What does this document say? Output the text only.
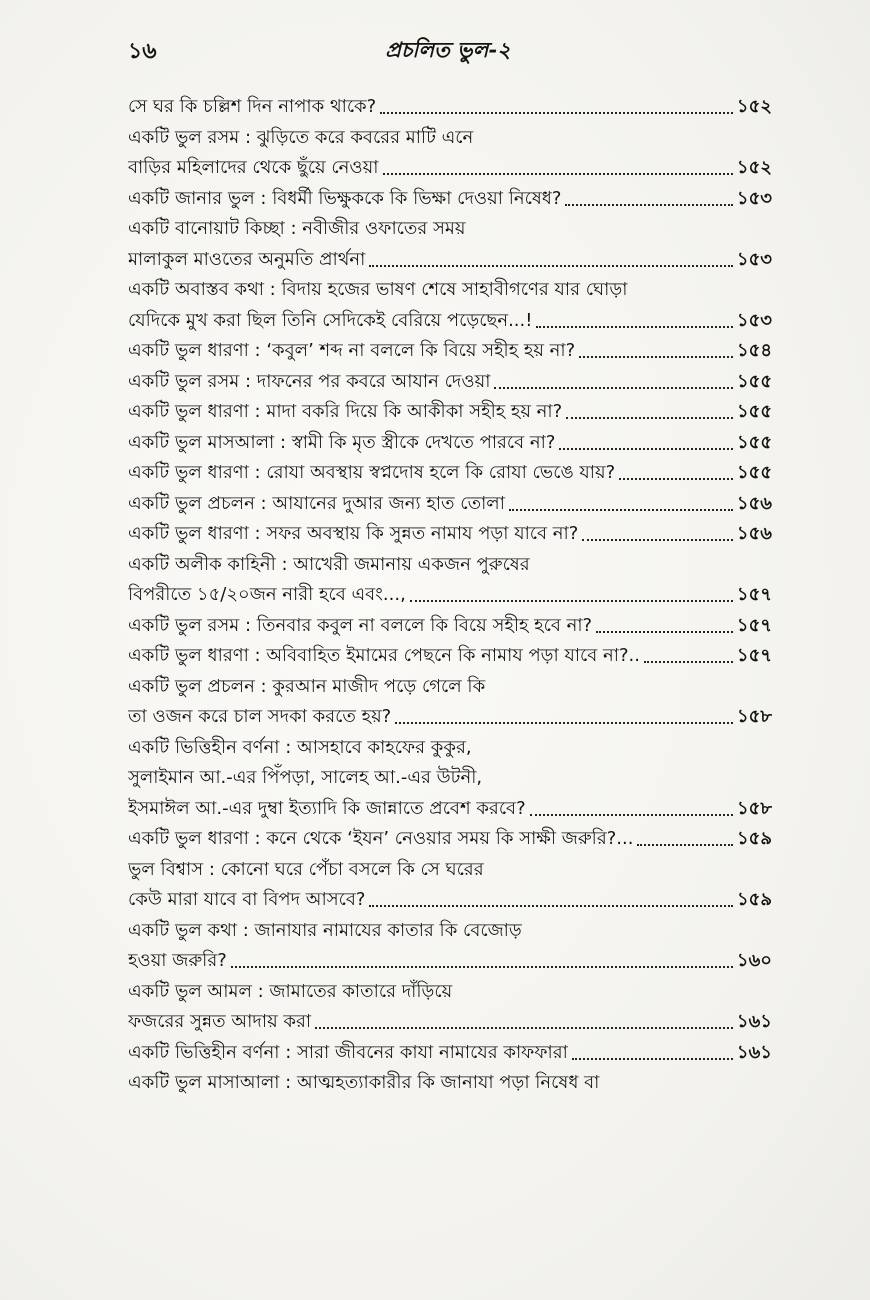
১৬	প্রচলিত ভুল-২
সে ঘর কি চল্লিশ দিন নাপাক থাকে?	১৫২
একটি ভুল রসম : ঝুড়িতে করে কবরের মাটি এনে
বাড়ির মহিলাদের থেকে ছুঁয়ে নেওয়া	১৫২
একটি জানার ভুল : বিধর্মী ভিক্ষুককে কি ভিক্ষা দেওয়া নিষেধ?	১৫৩
একটি বানোয়াট কিচ্ছা : নবীজীর ওফাতের সময়
মালাকুল মাওতের অনুমতি প্রার্থনা	১৫৩
একটি অবাস্তব কথা : বিদায় হজের ভাষণ শেষে সাহাবীগণের যার ঘোড়া
যেদিকে মুখ করা ছিল তিনি সেদিকেই বেরিয়ে পড়েছেন...!	১৫৩
একটি ভুল ধারণা : ‘কবুল’ শব্দ না বললে কি বিয়ে সহীহ হয় না?	১৫৪
একটি ভুল রসম : দাফনের পর কবরে আযান দেওয়া	১৫৫
একটি ভুল ধারণা : মাদা বকরি দিয়ে কি আকীকা সহীহ হয় না?	১৫৫
একটি ভুল মাসআলা : স্বামী কি মৃত স্ত্রীকে দেখতে পারবে না?	১৫৫
একটি ভুল ধারণা : রোযা অবস্থায় স্বপ্নদোষ হলে কি রোযা ভেঙে যায়?	১৫৫
একটি ভুল প্রচলন : আযানের দুআর জন্য হাত তোলা	১৫৬
একটি ভুল ধারণা : সফর অবস্থায় কি সুন্নত নামায পড়া যাবে না?	১৫৬
একটি অলীক কাহিনী : আখেরী জমানায় একজন পুরুষের
বিপরীতে ১৫/২০জন নারী হবে এবং...,	১৫৭
একটি ভুল রসম : তিনবার কবুল না বললে কি বিয়ে সহীহ হবে না?	১৫৭
একটি ভুল ধারণা : অবিবাহিত ইমামের পেছনে কি নামায পড়া যাবে না?..	১৫৭
একটি ভুল প্রচলন : কুরআন মাজীদ পড়ে গেলে কি
তা ওজন করে চাল সদকা করতে হয়?	১৫৮
একটি ভিত্তিহীন বর্ণনা : আসহাবে কাহফের কুকুর,
সুলাইমান আ.-এর পিঁপড়া, সালেহ আ.-এর উটনী,
ইসমাঈল আ.-এর দুম্বা ইত্যাদি কি জান্নাতে প্রবেশ করবে?	১৫৮
একটি ভুল ধারণা : কনে থেকে ‘ইযন’ নেওয়ার সময় কি সাক্ষী জরুরি?...	১৫৯
ভুল বিশ্বাস : কোনো ঘরে পেঁচা বসলে কি সে ঘরের
কেউ মারা যাবে বা বিপদ আসবে?	১৫৯
একটি ভুল কথা : জানাযার নামাযের কাতার কি বেজোড়
হওয়া জরুরি?	১৬০
একটি ভুল আমল : জামাতের কাতারে দাঁড়িয়ে
ফজরের সুন্নত আদায় করা	১৬১
একটি ভিত্তিহীন বর্ণনা : সারা জীবনের কাযা নামাযের কাফফারা	১৬১
একটি ভুল মাসাআলা : আত্মহত্যাকারীর কি জানাযা পড়া নিষেধ বা
